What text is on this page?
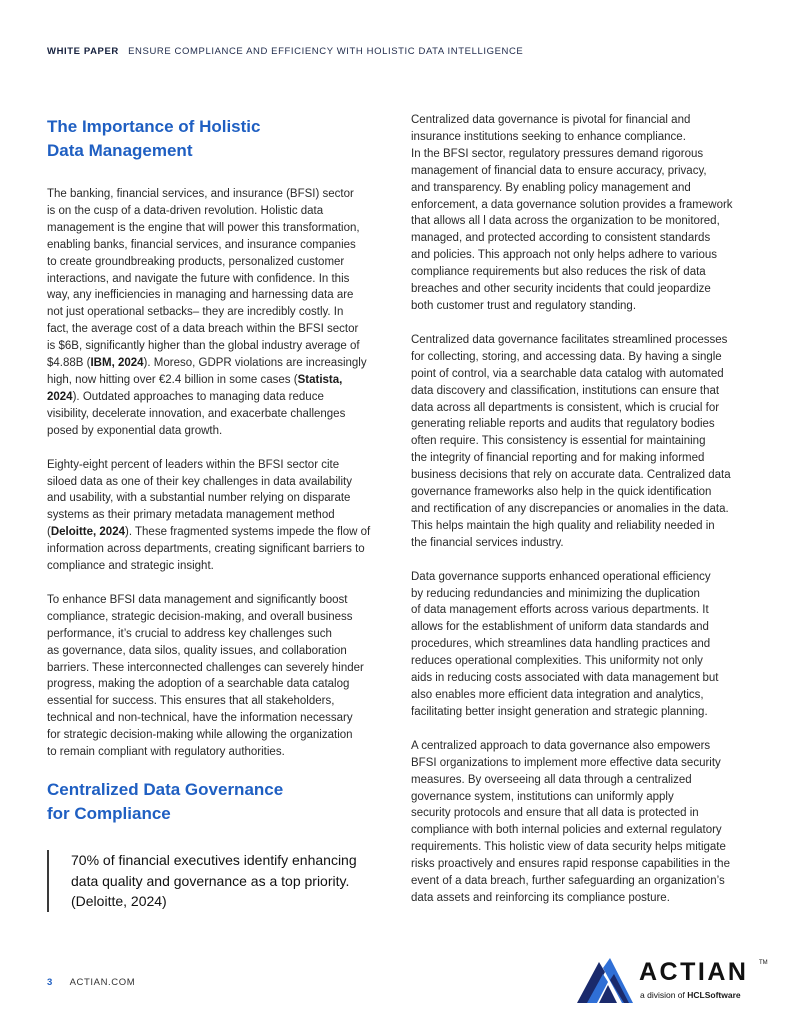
WHITE PAPER ENSURE COMPLIANCE AND EFFICIENCY WITH HOLISTIC DATA INTELLIGENCE
The Importance of Holistic
Data Management

The banking, financial services, and insurance (BFSI) sector
is on the cusp of a data-driven revolution. Holistic data
management is the engine that will power this transformation,
enabling banks, financial services, and insurance companies
to create groundbreaking products, personalized customer
interactions, and navigate the future with confidence. In this
way, any inefficiencies in managing and harnessing data are
not just operational setbacks– they are incredibly costly. In
fact, the average cost of a data breach within the BFSI sector
is $6B, significantly higher than the global industry average of
$4.88B (IBM, 2024). Moreso, GDPR violations are increasingly
high, now hitting over €2.4 billion in some cases (Statista,
2024). Outdated approaches to managing data reduce
visibility, decelerate innovation, and exacerbate challenges
posed by exponential data growth.

Eighty-eight percent of leaders within the BFSI sector cite
siloed data as one of their key challenges in data availability
and usability, with a substantial number relying on disparate
systems as their primary metadata management method
(Deloitte, 2024). These fragmented systems impede the flow of
information across departments, creating significant barriers to
compliance and strategic insight.

To enhance BFSI data management and significantly boost
compliance, strategic decision-making, and overall business
performance, it’s crucial to address key challenges such
as governance, data silos, quality issues, and collaboration
barriers. These interconnected challenges can severely hinder
progress, making the adoption of a searchable data catalog
essential for success. This ensures that all stakeholders,
technical and non-technical, have the information necessary
for strategic decision-making while allowing the organization
to remain compliant with regulatory authorities.

Centralized Data Governance
for Compliance
70% of financial executives identify enhancing
data quality and governance as a top priority.
(Deloitte, 2024)

Centralized data governance is pivotal for financial and
insurance institutions seeking to enhance compliance.
In the BFSI sector, regulatory pressures demand rigorous
management of financial data to ensure accuracy, privacy,
and transparency. By enabling policy management and
enforcement, a data governance solution provides a framework
that allows all l data across the organization to be monitored,
managed, and protected according to consistent standards
and policies. This approach not only helps adhere to various
compliance requirements but also reduces the risk of data
breaches and other security incidents that could jeopardize
both customer trust and regulatory standing.

Centralized data governance facilitates streamlined processes
for collecting, storing, and accessing data. By having a single
point of control, via a searchable data catalog with automated
data discovery and classification, institutions can ensure that
data across all departments is consistent, which is crucial for
generating reliable reports and audits that regulatory bodies
often require. This consistency is essential for maintaining
the integrity of financial reporting and for making informed
business decisions that rely on accurate data. Centralized data
governance frameworks also help in the quick identification
and rectification of any discrepancies or anomalies in the data.
This helps maintain the high quality and reliability needed in
the financial services industry.

Data governance supports enhanced operational efficiency
by reducing redundancies and minimizing the duplication
of data management efforts across various departments. It
allows for the establishment of uniform data standards and
procedures, which streamlines data handling practices and
reduces operational complexities. This uniformity not only
aids in reducing costs associated with data management but
also enables more efficient data integration and analytics,
facilitating better insight generation and strategic planning.

A centralized approach to data governance also empowers
BFSI organizations to implement more effective data security
measures. By overseeing all data through a centralized
governance system, institutions can uniformly apply
security protocols and ensure that all data is protected in
compliance with both internal policies and external regulatory
requirements. This holistic view of data security helps mitigate
risks proactively and ensures rapid response capabilities in the
event of a data breach, further safeguarding an organization’s
data assets and reinforcing its compliance posture.

3 ACTIAN.COM	ACTIAN TM
a division of HCLSoftware
